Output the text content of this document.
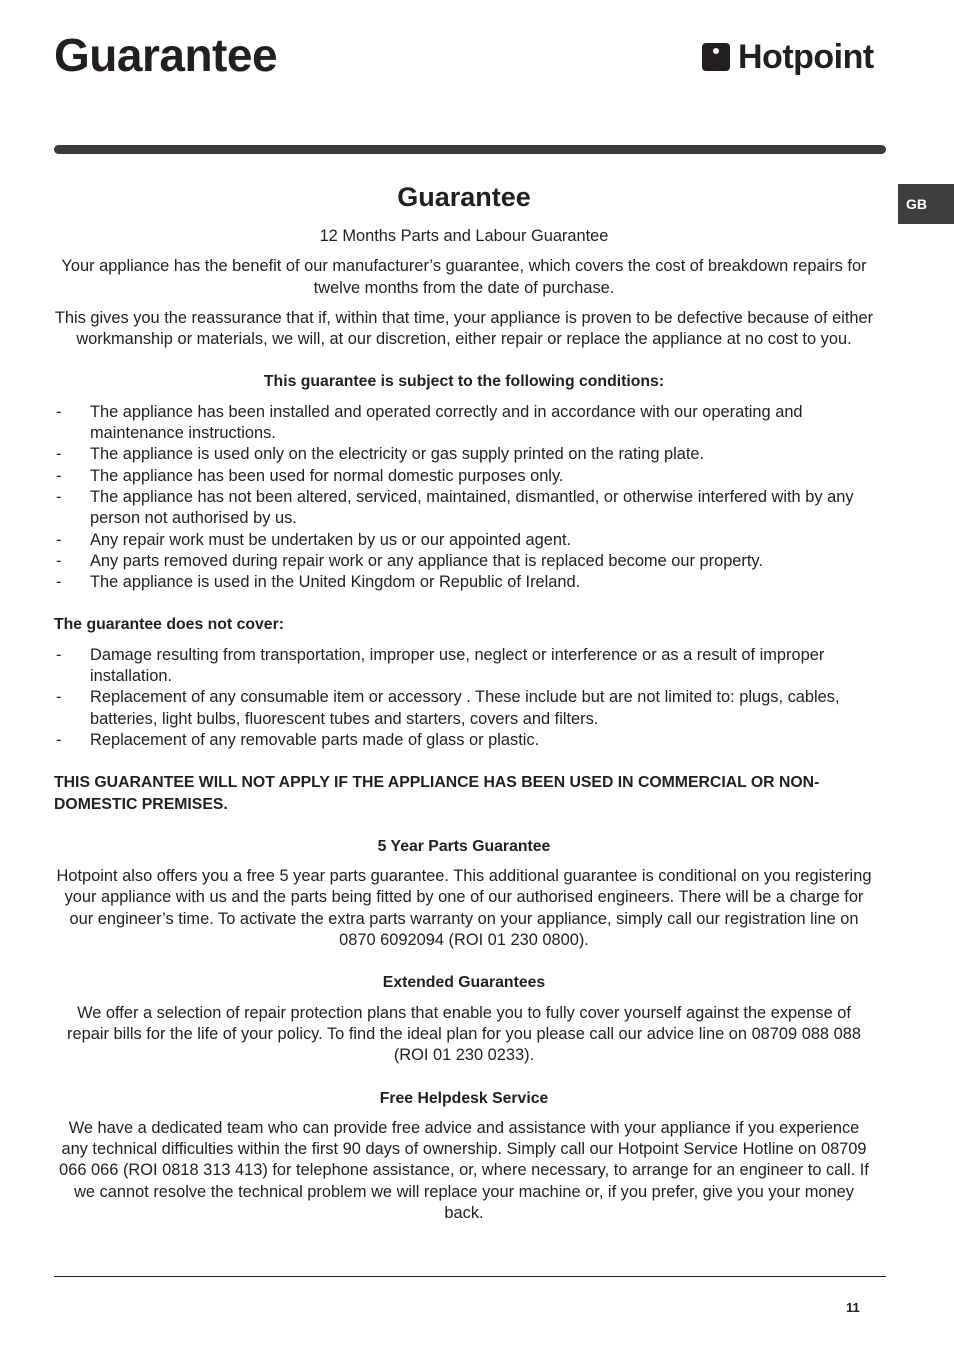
Guarantee	Hotpoint
GB
Guarantee

12 Months Parts and Labour Guarantee

Your appliance has the benefit of our manufacturer’s guarantee, which covers the cost of breakdown repairs for twelve months from the date of purchase.

This gives you the reassurance that if, within that time, your appliance is proven to be defective because of either workmanship or materials, we will, at our discretion, either repair or replace the appliance at no cost to you.

This guarantee is subject to the following conditions:

- The appliance has been installed and operated correctly and in accordance with our operating and maintenance instructions.
- The appliance is used only on the electricity or gas supply printed on the rating plate.
- The appliance has been used for normal domestic purposes only.
- The appliance has not been altered, serviced, maintained, dismantled, or otherwise interfered with by any person not authorised by us.
- Any repair work must be undertaken by us or our appointed agent.
- Any parts removed during repair work or any appliance that is replaced become our property.
- The appliance is used in the United Kingdom or Republic of Ireland.

The guarantee does not cover:

- Damage resulting from transportation, improper use, neglect or interference or as a result of improper installation.
- Replacement of any consumable item or accessory . These include but are not limited to: plugs, cables, batteries, light bulbs, fluorescent tubes and starters, covers and filters.
- Replacement of any removable parts made of glass or plastic.

THIS GUARANTEE WILL NOT APPLY IF THE APPLIANCE HAS BEEN USED IN COMMERCIAL OR NON-DOMESTIC PREMISES.

5 Year Parts Guarantee

Hotpoint also offers you a free 5 year parts guarantee. This additional guarantee is conditional on you registering your appliance with us and the parts being fitted by one of our authorised engineers. There will be a charge for our engineer’s time. To activate the extra parts warranty on your appliance, simply call our registration line on 0870 6092094 (ROI 01 230 0800).

Extended Guarantees

We offer a selection of repair protection plans that enable you to fully cover yourself against the expense of repair bills for the life of your policy. To find the ideal plan for you please call our advice line on 08709 088 088 (ROI 01 230 0233).

Free Helpdesk Service

We have a dedicated team who can provide free advice and assistance with your appliance if you experience any technical difficulties within the first 90 days of ownership. Simply call our Hotpoint Service Hotline on 08709 066 066 (ROI 0818 313 413) for telephone assistance, or, where necessary, to arrange for an engineer to call. If we cannot resolve the technical problem we will replace your machine or, if you prefer, give you your money back.

11
